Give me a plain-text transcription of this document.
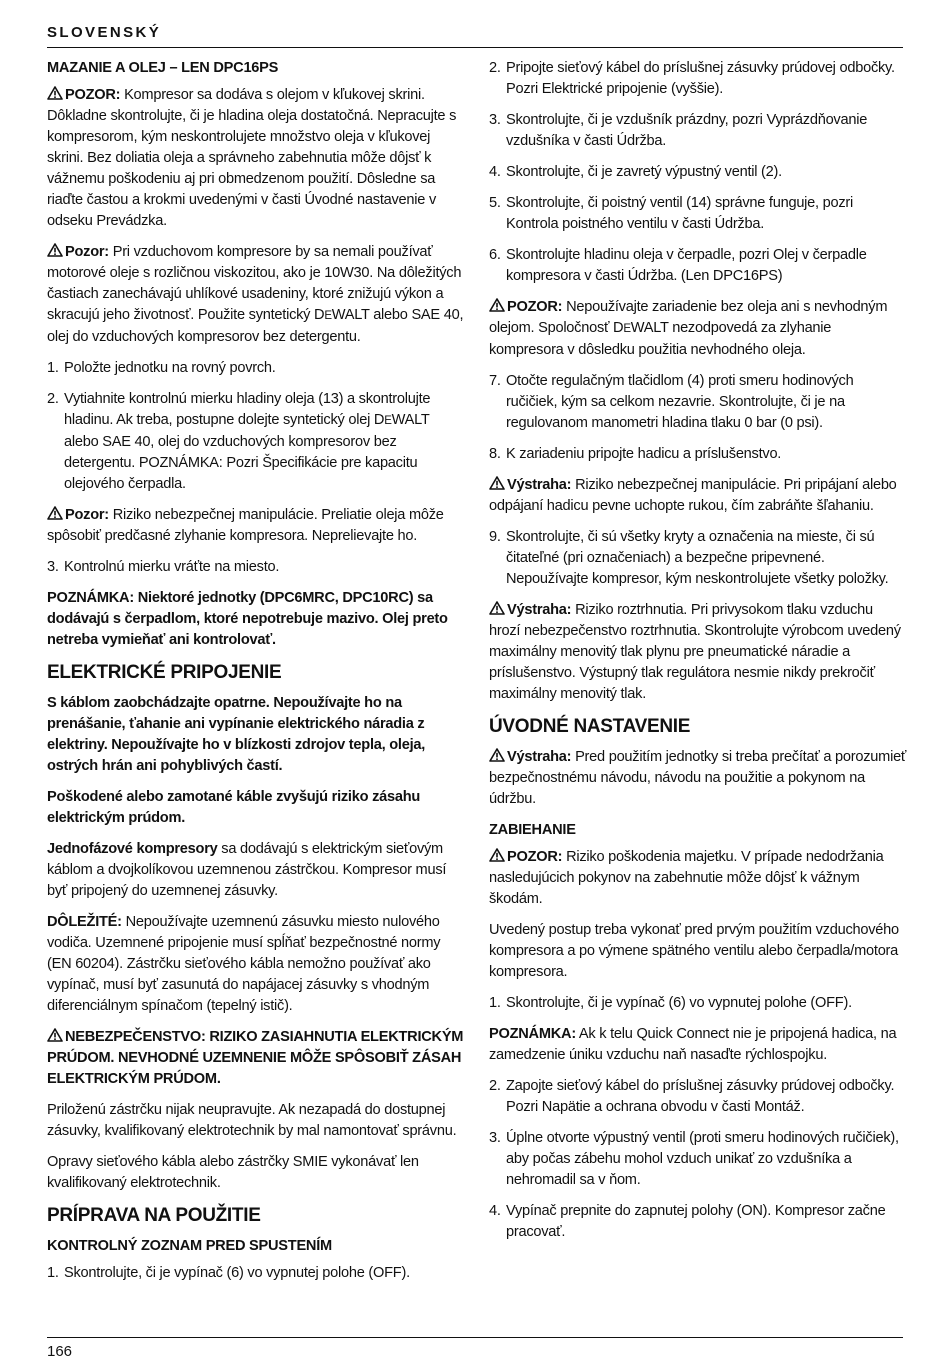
SLOVENSKÝ
MAZANIE A OLEJ – LEN DPC16PS

POZOR: Kompresor sa dodáva s olejom v kľukovej skrini. Dôkladne skontrolujte, či je hladina oleja dostatočná. Nepracujte s kompresorom, kým neskontrolujete množstvo oleja v kľukovej skrini. Bez doliatia oleja a správneho zabehnutia môže dôjsť k vážnemu poškodeniu aj pri obmedzenom použití. Dôsledne sa riaďte častou a krokmi uvedenými v časti Úvodné nastavenie v odseku Prevádzka.

Pozor: Pri vzduchovom kompresore by sa nemali používať motorové oleje s rozličnou viskozitou, ako je 10W30. Na dôležitých častiach zanechávajú uhlíkové usadeniny, ktoré znižujú výkon a skracujú jeho životnosť. Použite syntetický DEWALT alebo SAE 40, olej do vzduchových kompresorov bez detergentu.

1. Položte jednotku na rovný povrch.
2. Vytiahnite kontrolnú mierku hladiny oleja (13) a skontrolujte hladinu. Ak treba, postupne dolejte syntetický olej DEWALT alebo SAE 40, olej do vzduchových kompresorov bez detergentu. POZNÁMKA: Pozri Špecifikácie pre kapacitu olejového čerpadla.

Pozor: Riziko nebezpečnej manipulácie. Preliatie oleja môže spôsobiť predčasné zlyhanie kompresora. Neprelievajte ho.

3. Kontrolnú mierku vráťte na miesto.

POZNÁMKA: Niektoré jednotky (DPC6MRC, DPC10RC) sa dodávajú s čerpadlom, ktoré nepotrebuje mazivo. Olej preto netreba vymieňať ani kontrolovať.

ELEKTRICKÉ PRIPOJENIE

S káblom zaobchádzajte opatrne. Nepoužívajte ho na prenášanie, ťahanie ani vypínanie elektrického náradia z elektriny. Nepoužívajte ho v blízkosti zdrojov tepla, oleja, ostrých hrán ani pohyblivých častí.

Poškodené alebo zamotané káble zvyšujú riziko zásahu elektrickým prúdom.

Jednofázové kompresory sa dodávajú s elektrickým sieťovým káblom a dvojkolíkovou uzemnenou zástrčkou. Kompresor musí byť pripojený do uzemnenej zásuvky.

DÔLEŽITÉ: Nepoužívajte uzemnenú zásuvku miesto nulového vodiča. Uzemnené pripojenie musí spĺňať bezpečnostné normy (EN 60204). Zástrčku sieťového kábla nemožno používať ako vypínač, musí byť zasunutá do napájacej zásuvky s vhodným diferenciálnym spínačom (tepelný istič).

NEBEZPEČENSTVO: RIZIKO ZASIAHNUTIA ELEKTRICKÝM PRÚDOM. NEVHODNÉ UZEMNENIE MÔŽE SPÔSOBIŤ ZÁSAH ELEKTRICKÝM PRÚDOM.

Priloženú zástrčku nijak neupravujte. Ak nezapadá do dostupnej zásuvky, kvalifikovaný elektrotechnik by mal namontovať správnu.

Opravy sieťového kábla alebo zástrčky SMIE vykonávať len kvalifikovaný elektrotechnik.

PRÍPRAVA NA POUŽITIE
KONTROLNÝ ZOZNAM PRED SPUSTENÍM
1. Skontrolujte, či je vypínač (6) vo vypnutej polohe (OFF).
2. Pripojte sieťový kábel do príslušnej zásuvky prúdovej odbočky. Pozri Elektrické pripojenie (vyššie).
3. Skontrolujte, či je vzdušník prázdny, pozri Vyprázdňovanie vzdušníka v časti Údržba.
4. Skontrolujte, či je zavretý výpustný ventil (2).
5. Skontrolujte, či poistný ventil (14) správne funguje, pozri Kontrola poistného ventilu v časti Údržba.
6. Skontrolujte hladinu oleja v čerpadle, pozri Olej v čerpadle kompresora v časti Údržba. (Len DPC16PS)

POZOR: Nepoužívajte zariadenie bez oleja ani s nevhodným olejom. Spoločnosť DEWALT nezodpovedá za zlyhanie kompresora v dôsledku použitia nevhodného oleja.

7. Otočte regulačným tlačidlom (4) proti smeru hodinových ručičiek, kým sa celkom nezavrie. Skontrolujte, či je na regulovanom manometri hladina tlaku 0 bar (0 psi).
8. K zariadeniu pripojte hadicu a príslušenstvo.

Výstraha: Riziko nebezpečnej manipulácie. Pri pripájaní alebo odpájaní hadicu pevne uchopte rukou, čím zabráňte šľahaniu.

9. Skontrolujte, či sú všetky kryty a označenia na mieste, či sú čitateľné (pri označeniach) a bezpečne pripevnené. Nepoužívajte kompresor, kým neskontrolujete všetky položky.

Výstraha: Riziko roztrhnutia. Pri privysokom tlaku vzduchu hrozí nebezpečenstvo roztrhnutia. Skontrolujte výrobcom uvedený maximálny menovitý tlak plynu pre pneumatické náradie a príslušenstvo. Výstupný tlak regulátora nesmie nikdy prekročiť maximálny menovitý tlak.

ÚVODNÉ NASTAVENIE

Výstraha: Pred použitím jednotky si treba prečítať a porozumieť bezpečnostnému návodu, návodu na použitie a pokynom na údržbu.

ZABIEHANIE

POZOR: Riziko poškodenia majetku. V prípade nedodržania nasledujúcich pokynov na zabehnutie môže dôjsť k vážnym škodám.

Uvedený postup treba vykonať pred prvým použitím vzduchového kompresora a po výmene spätného ventilu alebo čerpadla/motora kompresora.

1. Skontrolujte, či je vypínač (6) vo vypnutej polohe (OFF).

POZNÁMKA: Ak k telu Quick Connect nie je pripojená hadica, na zamedzenie úniku vzduchu naň nasaďte rýchlospojku.

2. Zapojte sieťový kábel do príslušnej zásuvky prúdovej odbočky. Pozri Napätie a ochrana obvodu v časti Montáž.
3. Úplne otvorte výpustný ventil (proti smeru hodinových ručičiek), aby počas zábehu mohol vzduch unikať zo vzdušníka a nehromadil sa v ňom.
4. Vypínač prepnite do zapnutej polohy (ON). Kompresor začne pracovať.
166
